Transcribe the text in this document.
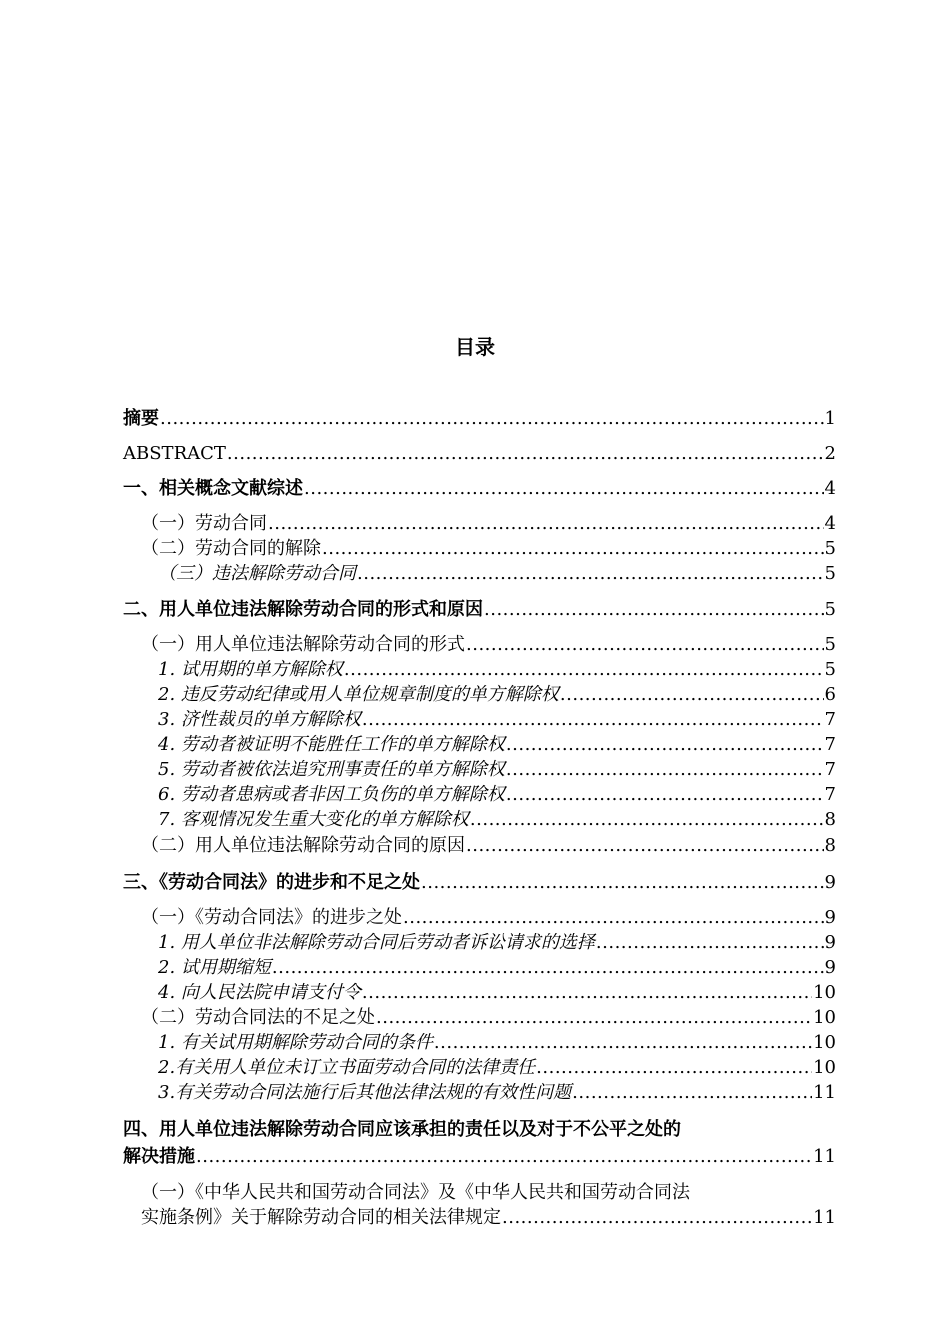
目录
摘要 .....	1
ABSTRACT .....	2
一、相关概念文献综述 .....	4
（一）劳动合同 .....	4
（二）劳动合同的解除 .....	5
（三）违法解除劳动合同 .....	5
二、用人单位违法解除劳动合同的形式和原因 .....	5
（一）用人单位违法解除劳动合同的形式 .....	5
1. 试用期的单方解除权 .....	5
2. 违反劳动纪律或用人单位规章制度的单方解除权 .....	6
3. 济性裁员的单方解除权 .....	7
4. 劳动者被证明不能胜任工作的单方解除权 .....	7
5. 劳动者被依法追究刑事责任的单方解除权 .....	7
6. 劳动者患病或者非因工负伤的单方解除权 .....	7
7. 客观情况发生重大变化的单方解除权 .....	8
（二）用人单位违法解除劳动合同的原因 .....	8
三、《劳动合同法》的进步和不足之处 .....	9
（一）《劳动合同法》的进步之处 .....	9
1. 用人单位非法解除劳动合同后劳动者诉讼请求的选择 .....	9
2. 试用期缩短 .....	9
4. 向人民法院申请支付令 .....	10
（二）劳动合同法的不足之处 .....	10
1. 有关试用期解除劳动合同的条件 .....	10
2.有关用人单位未订立书面劳动合同的法律责任 .....	10
3.有关劳动合同法施行后其他法律法规的有效性问题 .....	11
四、用人单位违法解除劳动合同应该承担的责任以及对于不公平之处的
解决措施 .....	11
（一）《中华人民共和国劳动合同法》及《中华人民共和国劳动合同法
实施条例》关于解除劳动合同的相关法律规定 .....	11
